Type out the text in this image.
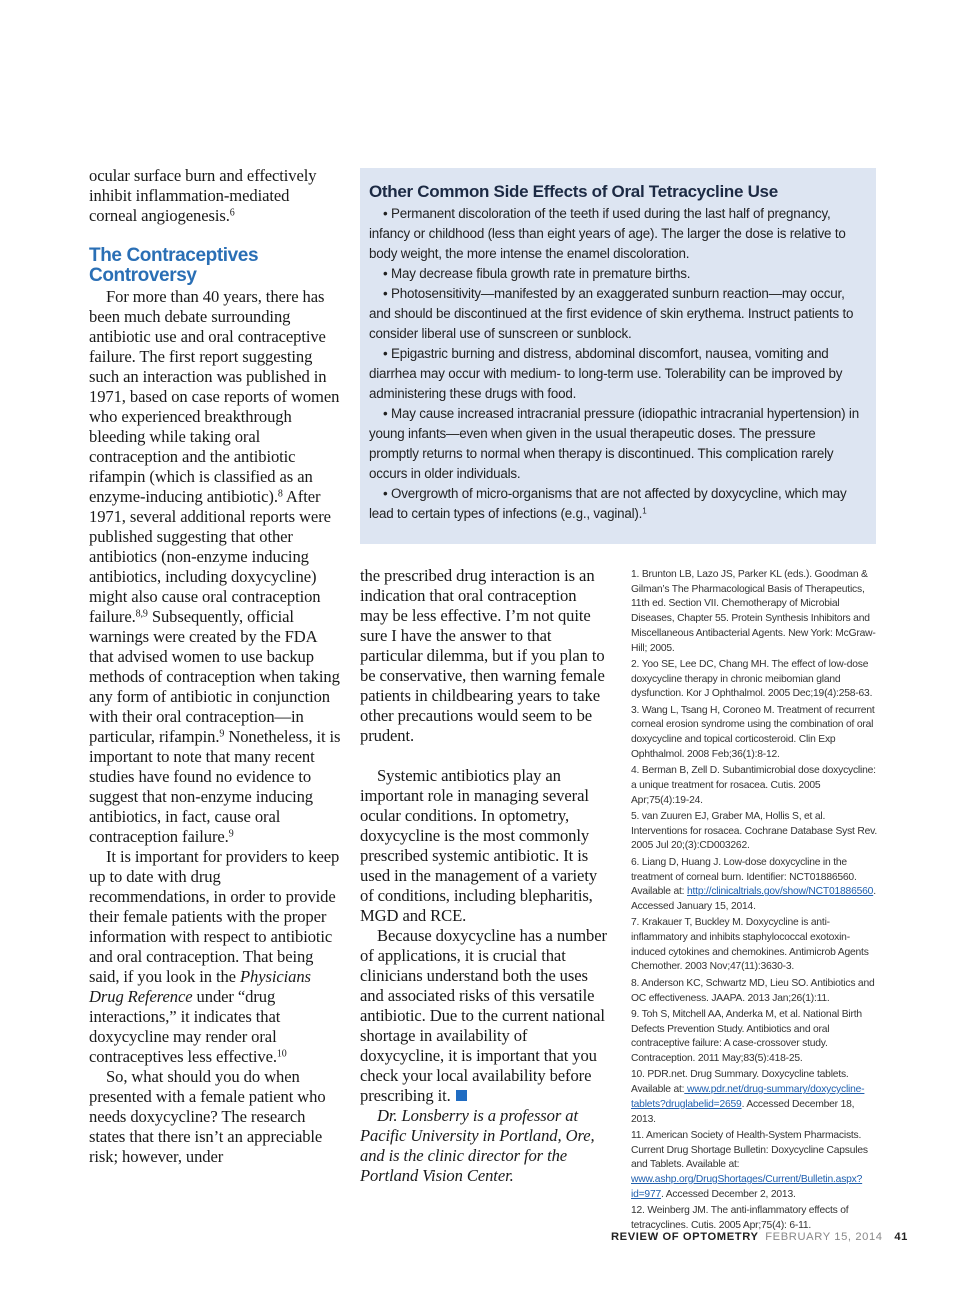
ocular surface burn and effectively inhibit inflammation-mediated corneal angiogenesis.$^6$

The Contraceptives Controversy

For more than 40 years, there has been much debate surrounding antibiotic use and oral contraceptive failure. The first report suggesting such an interaction was published in 1971, based on case reports of women who experienced breakthrough bleeding while taking oral contraception and the antibiotic rifampin (which is classified as an enzyme-inducing antibiotic).$^8$ After 1971, several additional reports were published suggesting that other antibiotics (non-enzyme inducing antibiotics, including doxycycline) might also cause oral contraception failure.$^{8,9}$ Subsequently, official warnings were created by the FDA that advised women to use backup methods of contraception when taking any form of antibiotic in conjunction with their oral contraception—in particular, rifampin.$^9$ Nonetheless, it is important to note that many recent studies have found no evidence to suggest that non-enzyme inducing antibiotics, in fact, cause oral contraception failure.$^9$

It is important for providers to keep up to date with drug recommendations, in order to provide their female patients with the proper information with respect to antibiotic and oral contraception. That being said, if you look in the Physicians Drug Reference under “drug interactions,” it indicates that doxycycline may render oral contraceptives less effective.$^{10}$

So, what should you do when presented with a female patient who needs doxycycline? The research states that there isn’t an appreciable risk; however, under

Other Common Side Effects of Oral Tetracycline Use

• Permanent discoloration of the teeth if used during the last half of pregnancy, infancy or childhood (less than eight years of age). The larger the dose is relative to body weight, the more intense the enamel discoloration.

• May decrease fibula growth rate in premature births.

• Photosensitivity—manifested by an exaggerated sunburn reaction—may occur, and should be discontinued at the first evidence of skin erythema. Instruct patients to consider liberal use of sunscreen or sunblock.

• Epigastric burning and distress, abdominal discomfort, nausea, vomiting and diarrhea may occur with medium- to long-term use. Tolerability can be improved by administering these drugs with food.

• May cause increased intracranial pressure (idiopathic intracranial hypertension) in young infants—even when given in the usual therapeutic doses. The pressure promptly returns to normal when therapy is discontinued. This complication rarely occurs in older individuals.

• Overgrowth of micro-organisms that are not affected by doxycycline, which may lead to certain types of infections (e.g., vaginal).$^1$

the prescribed drug interaction is an indication that oral contraception may be less effective. I’m not quite sure I have the answer to that particular dilemma, but if you plan to be conservative, then warning female patients in childbearing years to take other precautions would seem to be prudent.

Systemic antibiotics play an important role in managing several ocular conditions. In optometry, doxycycline is the most commonly prescribed systemic antibiotic. It is used in the management of a variety of conditions, including blepharitis, MGD and RCE.

Because doxycycline has a number of applications, it is crucial that clinicians understand both the uses and associated risks of this versatile antibiotic. Due to the current national shortage in availability of doxycycline, it is important that you check your local availability before prescribing it.

Dr. Lonsberry is a professor at Pacific University in Portland, Ore, and is the clinic director for the Portland Vision Center.

1. Brunton LB, Lazo JS, Parker KL (eds.). Goodman & Gilman’s The Pharmacological Basis of Therapeutics, 11th ed. Section VII. Chemotherapy of Microbial Diseases, Chapter 55. Protein Synthesis Inhibitors and Miscellaneous Antibacterial Agents. New York: McGraw-Hill; 2005.

2. Yoo SE, Lee DC, Chang MH. The effect of low-dose doxycycline therapy in chronic meibomian gland dysfunction. Kor J Ophthalmol. 2005 Dec;19(4):258-63.

3. Wang L, Tsang H, Coroneo M. Treatment of recurrent corneal erosion syndrome using the combination of oral doxycycline and topical corticosteroid. Clin Exp Ophthalmol. 2008 Feb;36(1):8-12.

4. Berman B, Zell D. Subantimicrobial dose doxycycline: a unique treatment for rosacea. Cutis. 2005 Apr;75(4):19-24.

5. van Zuuren EJ, Graber MA, Hollis S, et al. Interventions for rosacea. Cochrane Database Syst Rev. 2005 Jul 20;(3):CD003262.

6. Liang D, Huang J. Low-dose doxycycline in the treatment of corneal burn. Identifier: NCT01886560. Available at: http://clinicaltrials.gov/show/NCT01886560. Accessed January 15, 2014.

7. Krakauer T, Buckley M. Doxycycline is anti-inflammatory and inhibits staphylococcal exotoxin-induced cytokines and chemokines. Antimicrob Agents Chemother. 2003 Nov;47(11):3630-3.

8. Anderson KC, Schwartz MD, Lieu SO. Antibiotics and OC effectiveness. JAAPA. 2013 Jan;26(1):11.

9. Toh S, Mitchell AA, Anderka M, et al. National Birth Defects Prevention Study. Antibiotics and oral contraceptive failure: A case-crossover study. Contraception. 2011 May;83(5):418-25.

10. PDR.net. Drug Summary. Doxycycline tablets. Available at: www.pdr.net/drug-summary/doxycycline-tablets?druglabelid=2659. Accessed December 18, 2013.

11. American Society of Health-System Pharmacists. Current Drug Shortage Bulletin: Doxycycline Capsules and Tablets. Available at: www.ashp.org/DrugShortages/Current/Bulletin.aspx?id=977. Accessed December 2, 2013.

12. Weinberg JM. The anti-inflammatory effects of tetracyclines. Cutis. 2005 Apr;75(4): 6-11.

REVIEW OF OPTOMETRY FEBRUARY 15, 2014 41
